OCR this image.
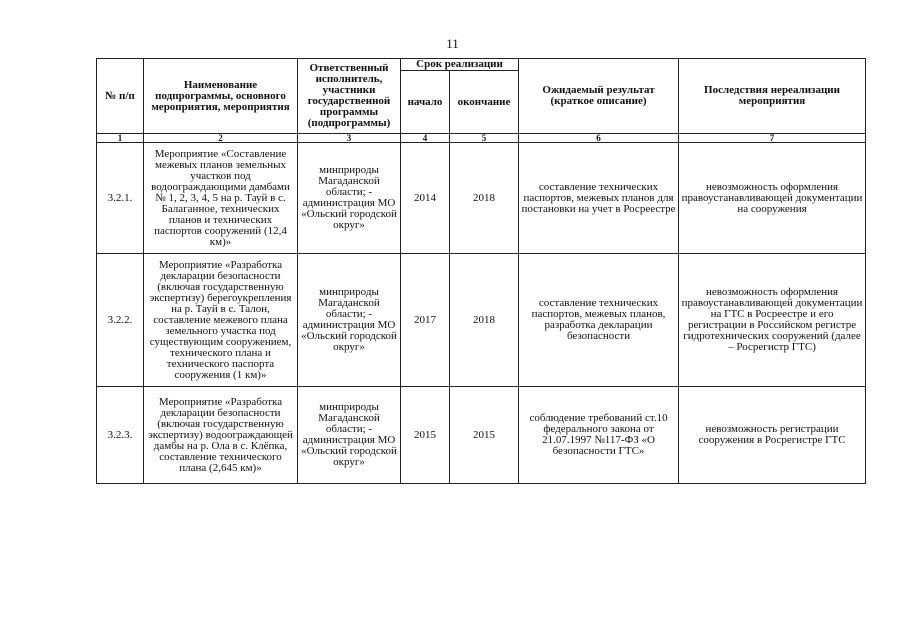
11
№ п/п	Наименование подпрограммы, основного мероприятия, мероприятия	Ответственный исполнитель, участники государственной программы (подпрограммы)	Срок реализации		Ожидаемый результат (краткое описание)	Последствия нереализации мероприятия
			начало	окончание		
1	2	3	4	5	6	7
3.2.1.	Мероприятие «Составление межевых планов земельных участков под водоограждающими дамбами № 1, 2, 3, 4, 5 на р. Тауй в с. Балаганное, технических планов и технических паспортов сооружений (12,4 км)»	минприроды Магаданской области; - администрация МО «Ольский городской округ»	2014	2018	составление технических паспортов, межевых планов для постановки на учет в Росреестре	невозможность оформления правоустанавливающей документации на сооружения
3.2.2.	Мероприятие «Разработка декларации безопасности (включая государственную экспертизу) берегоукрепления на р. Тауй в с. Талон, составление межевого плана земельного участка под существующим сооружением, технического плана и технического паспорта сооружения (1 км)»	минприроды Магаданской области; - администрация МО «Ольский городской округ»	2017	2018	составление технических паспортов, межевых планов, разработка декларации безопасности	невозможность оформления правоустанавливающей документации на ГТС в Росреестре и его регистрации в Российском регистре гидротехнических сооружений (далее – Росрегистр ГТС)
3.2.3.	Мероприятие «Разработка декларации безопасности (включая государственную экспертизу) водоограждающей дамбы на р. Ола в с. Клёпка, составление технического плана (2,645 км)»	минприроды Магаданской области; - администрация МО «Ольский городской округ»	2015	2015	соблюдение требований ст.10 федерального закона от 21.07.1997 №117-ФЗ «О безопасности ГТС»	невозможность регистрации сооружения в Росрегистре ГТС
